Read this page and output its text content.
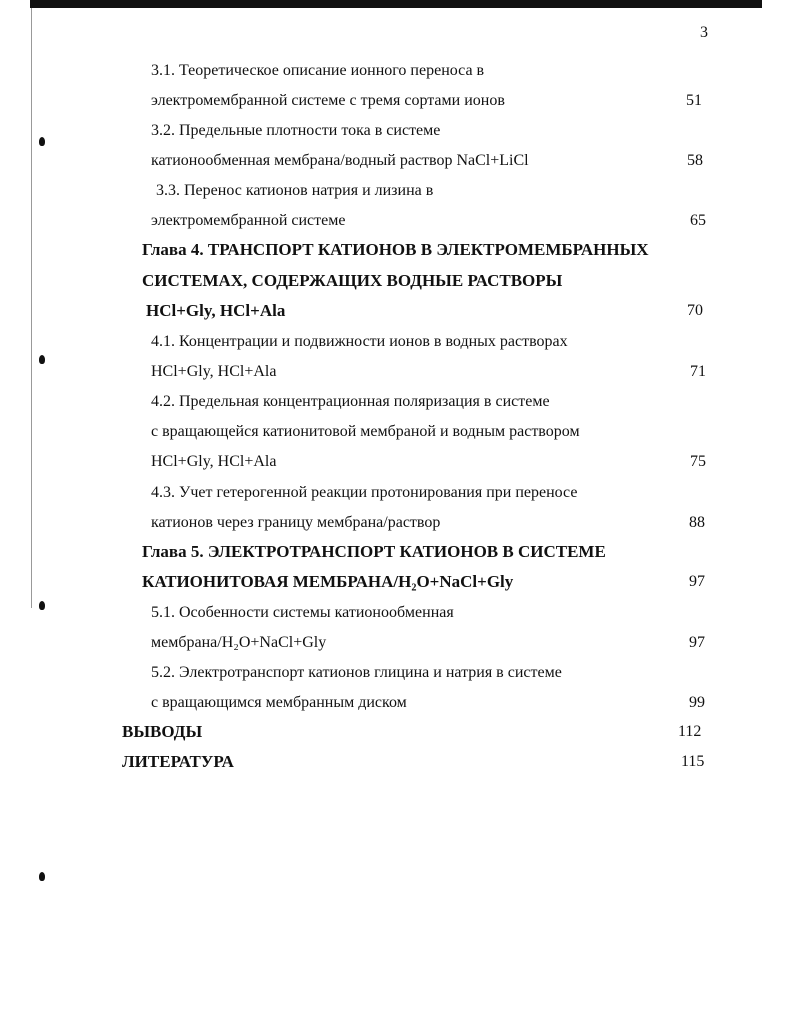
3
3.1. Теоретическое описание ионного переноса в
электромембранной системе с тремя сортами ионов	51
3.2. Предельные плотности тока в системе
катионообменная мембрана/водный раствор NaCl+LiCl	58
3.3. Перенос катионов натрия и лизина в
электромембранной системе	65
Глава 4. ТРАНСПОРТ КАТИОНОВ В ЭЛЕКТРОМЕМБРАННЫХ
СИСТЕМАХ, СОДЕРЖАЩИХ ВОДНЫЕ РАСТВОРЫ
HCl+Gly, HCl+Ala	70
4.1. Концентрации и подвижности ионов в водных растворах
HCl+Gly, HCl+Ala	71
4.2. Предельная концентрационная поляризация в системе
с вращающейся катионитовой мембраной и водным раствором
HCl+Gly, HCl+Ala	75
4.3. Учет гетерогенной реакции протонирования при переносе
катионов через границу мембрана/раствор	88
Глава 5. ЭЛЕКТРОТРАНСПОРТ КАТИОНОВ В СИСТЕМЕ
КАТИОНИТОВАЯ МЕМБРАНА/H₂O+NaCl+Gly	97
5.1. Особенности системы катионообменная
мембрана/H₂O+NaCl+Gly	97
5.2. Электротранспорт катионов глицина и натрия в системе
с вращающимся мембранным диском	99
ВЫВОДЫ	112
ЛИТЕРАТУРА	115
